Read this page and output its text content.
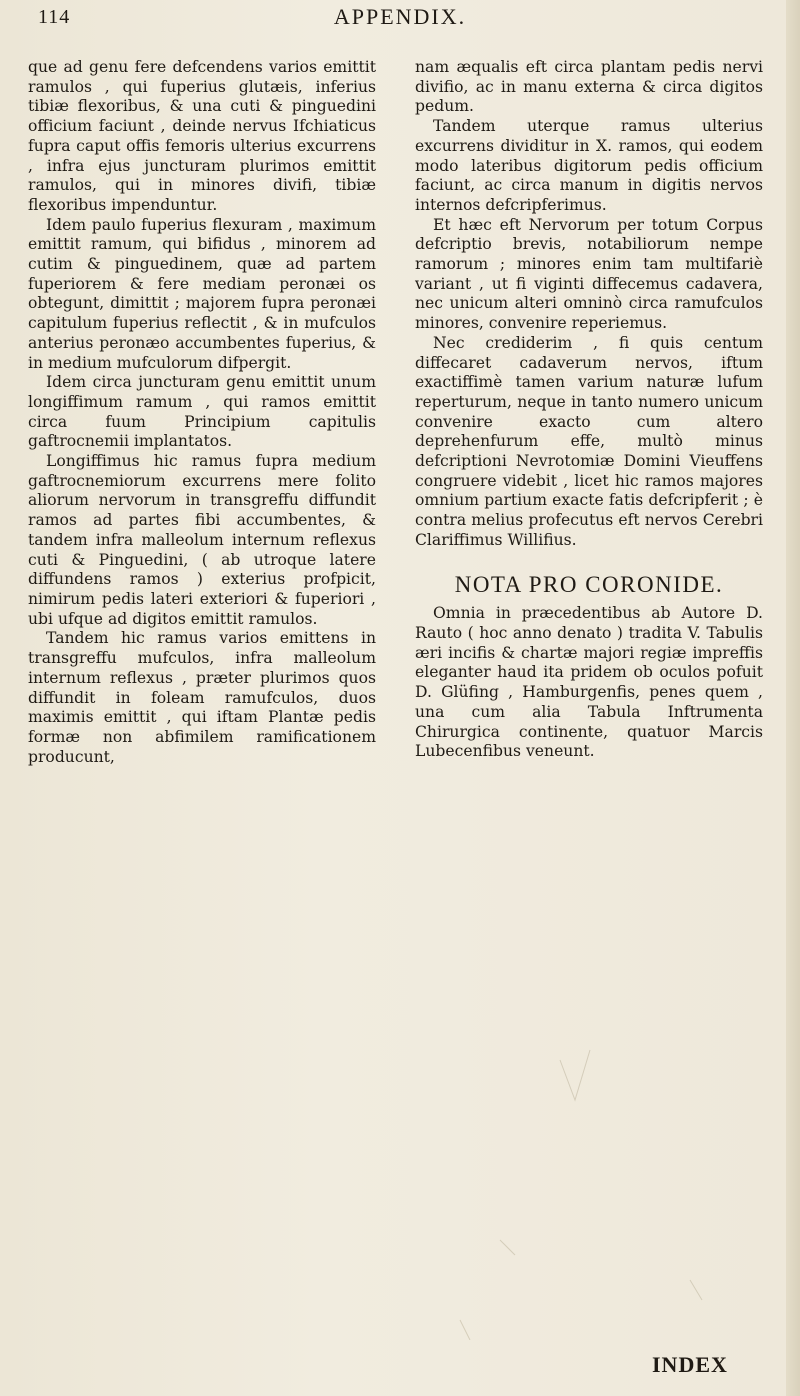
114	APPENDIX.

que ad genu fere defcendens varios emittit ramulos , qui fuperius glutæis, inferius tibiæ flexoribus, & una cuti & pinguedini officium faciunt , deinde nervus Ifchiaticus fupra caput offis femoris ulterius excurrens , infra ejus juncturam plurimos emittit ramulos, qui in minores divifi, tibiæ flexoribus impenduntur.

Idem paulo fuperius flexuram , maximum emittit ramum, qui bifidus , minorem ad cutim & pinguedinem, quæ ad partem fuperiorem & fere mediam peronæi os obtegunt, dimittit ; majorem fupra peronæi capitulum fuperius reflectit , & in mufculos anterius peronæo accumbentes fuperius, & in medium mufculorum difpergit.

Idem circa juncturam genu emittit unum longiffimum ramum , qui ramos emittit circa fuum Principium capitulis gaftrocnemii implantatos.

Longiffimus hic ramus fupra medium gaftrocnemiorum excurrens mere folito aliorum nervorum in transgreffu diffundit ramos ad partes fibi accumbentes, & tandem infra malleolum internum reflexus cuti & Pinguedini, ( ab utroque latere diffundens ramos ) exterius profpicit, nimirum pedis lateri exteriori & fuperiori , ubi ufque ad digitos emittit ramulos.

Tandem hic ramus varios emittens in transgreffu mufculos, infra malleolum internum reflexus , præter plurimos quos diffundit in foleam ramufculos, duos maximis emittit , qui iftam Plantæ pedis formæ non abfimilem ramificationem producunt,

nam æqualis eft circa plantam pedis nervi divifio, ac in manu externa & circa digitos pedum.

Tandem uterque ramus ulterius excurrens dividitur in X. ramos, qui eodem modo lateribus digitorum pedis officium faciunt, ac circa manum in digitis nervos internos defcripferimus.

Et hæc eft Nervorum per totum Corpus defcriptio brevis, notabiliorum nempe ramorum ; minores enim tam multifariè variant , ut fi viginti diffecemus cadavera, nec unicum alteri omninò circa ramufculos minores, convenire reperiemus.

Nec crediderim , fi quis centum diffecaret cadaverum nervos, iftum exactiffimè tamen varium naturæ lufum reperturum, neque in tanto numero unicum convenire exacto cum altero deprehenfurum effe, multò minus defcriptioni Nevrotomiæ Domini Vieuffens congruere videbit , licet hic ramos majores omnium partium exacte fatis defcripferit ; è contra melius profecutus eft nervos Cerebri Clariffimus Willifius.

NOTA PRO CORONIDE.

Omnia in præcedentibus ab Autore D. Rauto ( hoc anno denato ) tradita V. Tabulis æri incifis & chartæ majori regiæ impreffis eleganter haud ita pridem ob oculos pofuit D. Glüfing , Hamburgenfis, penes quem , una cum alia Tabula Inftrumenta Chirurgica continente, quatuor Marcis Lubecenfibus veneunt.

INDEX
